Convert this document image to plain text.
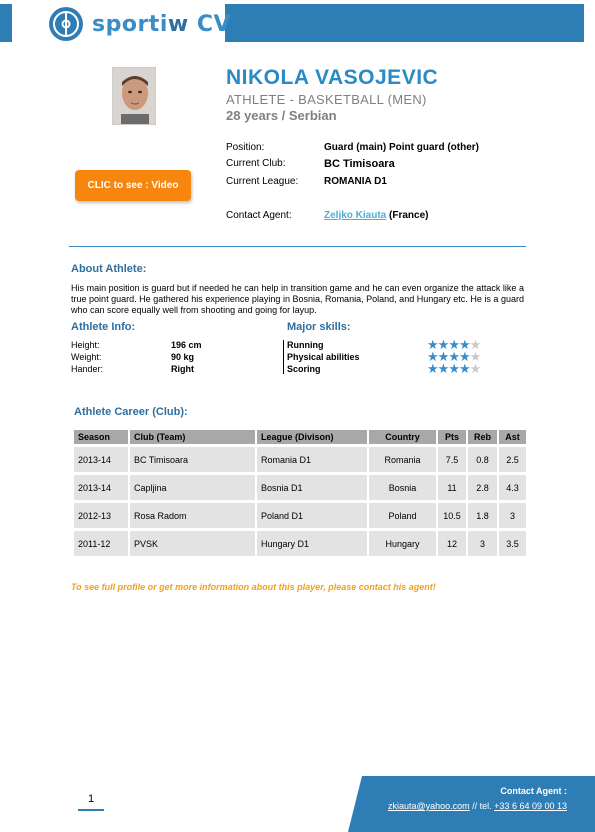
sportiw CV
NIKOLA VASOJEVIC
ATHLETE - BASKETBALL (MEN)
28 years / Serbian
Position:	Guard (main) Point guard (other)
Current Club:	BC Timisoara
Current League:	ROMANIA D1
Contact Agent:	Zeljko Kiauta (France)
CLIC to see : Video
About Athlete:
His main position is guard but if needed he can help in transition game and he can even organize the attack like a true point guard. He gathered his experience playing in Bosnia, Romania, Poland, and Hungary etc. He is a guard who can score equally well from shooting and going for layup.
Athlete Info:
Height:	196 cm
Weight:	90 kg
Hander:	Right
Major skills:
Running	★★★★★
Physical abilities	★★★★★
Scoring	★★★★★
Athlete Career (Club):
Season	Club (Team)	League (Divison)	Country	Pts	Reb	Ast
2013-14	BC Timisoara	Romania D1	Romania	7.5	0.8	2.5
2013-14	Capljina	Bosnia D1	Bosnia	11	2.8	4.3
2012-13	Rosa Radom	Poland D1	Poland	10.5	1.8	3
2011-12	PVSK	Hungary D1	Hungary	12	3	3.5
To see full profile or get more information about this player, please contact his agent!
1
Contact Agent :
zkiauta@yahoo.com // tel. +33 6 64 09 00 13
